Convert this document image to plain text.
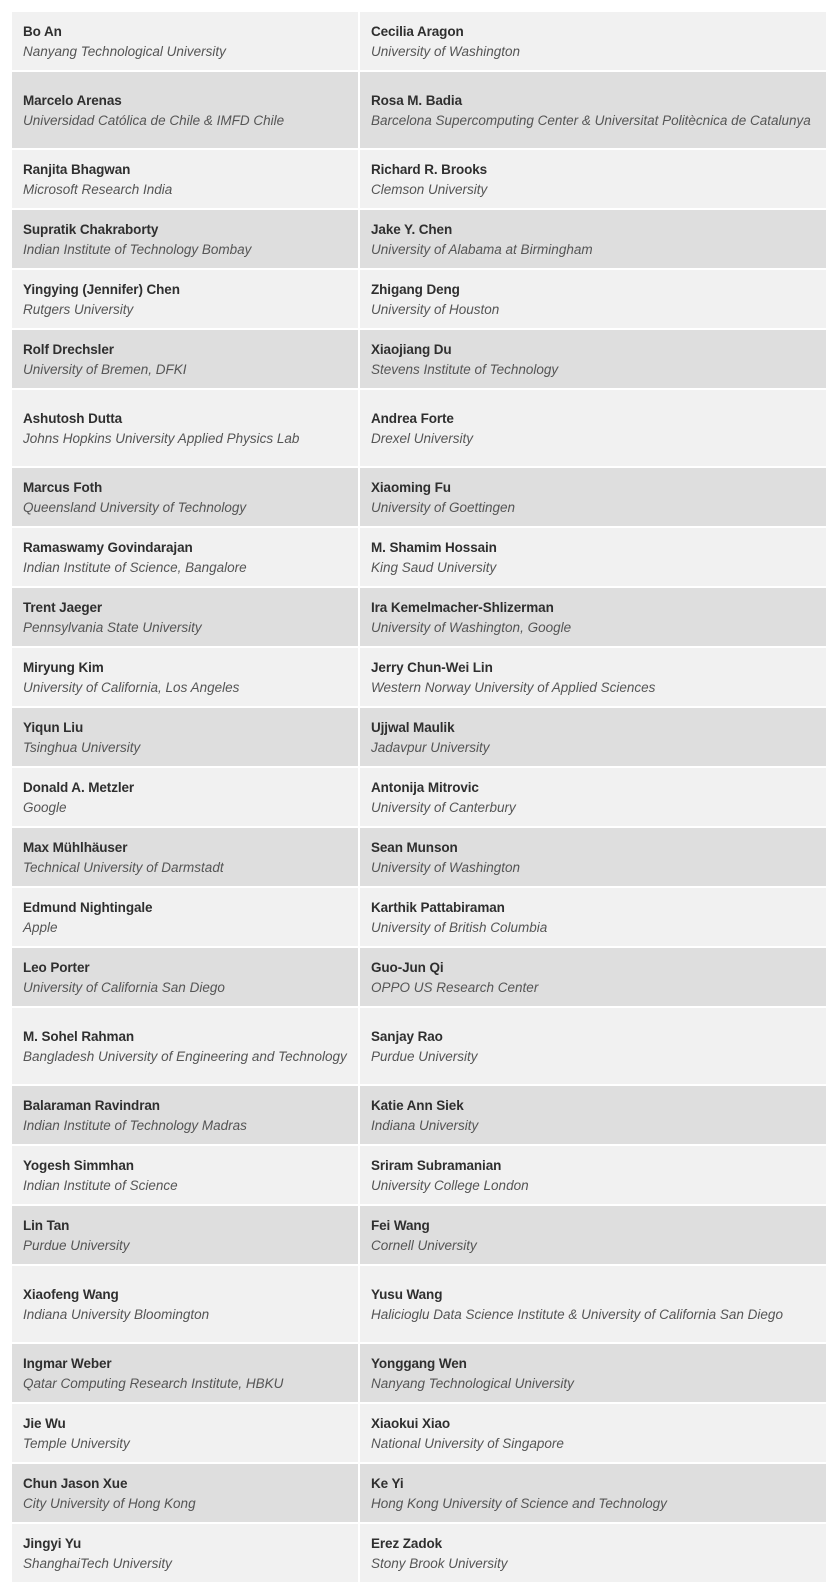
Bo An
Nanyang Technological University
Cecilia Aragon
University of Washington
Marcelo Arenas
Universidad Católica de Chile & IMFD Chile
Rosa M. Badia
Barcelona Supercomputing Center & Universitat Politècnica de Catalunya
Ranjita Bhagwan
Microsoft Research India
Richard R. Brooks
Clemson University
Supratik Chakraborty
Indian Institute of Technology Bombay
Jake Y. Chen
University of Alabama at Birmingham
Yingying (Jennifer) Chen
Rutgers University
Zhigang Deng
University of Houston
Rolf Drechsler
University of Bremen, DFKI
Xiaojiang Du
Stevens Institute of Technology
Ashutosh Dutta
Johns Hopkins University Applied Physics Lab
Andrea Forte
Drexel University
Marcus Foth
Queensland University of Technology
Xiaoming Fu
University of Goettingen
Ramaswamy Govindarajan
Indian Institute of Science, Bangalore
M. Shamim Hossain
King Saud University
Trent Jaeger
Pennsylvania State University
Ira Kemelmacher-Shlizerman
University of Washington, Google
Miryung Kim
University of California, Los Angeles
Jerry Chun-Wei Lin
Western Norway University of Applied Sciences
Yiqun Liu
Tsinghua University
Ujjwal Maulik
Jadavpur University
Donald A. Metzler
Google
Antonija Mitrovic
University of Canterbury
Max Mühlhäuser
Technical University of Darmstadt
Sean Munson
University of Washington
Edmund Nightingale
Apple
Karthik Pattabiraman
University of British Columbia
Leo Porter
University of California San Diego
Guo-Jun Qi
OPPO US Research Center
M. Sohel Rahman
Bangladesh University of Engineering and Technology
Sanjay Rao
Purdue University
Balaraman Ravindran
Indian Institute of Technology Madras
Katie Ann Siek
Indiana University
Yogesh Simmhan
Indian Institute of Science
Sriram Subramanian
University College London
Lin Tan
Purdue University
Fei Wang
Cornell University
Xiaofeng Wang
Indiana University Bloomington
Yusu Wang
Halicioglu Data Science Institute & University of California San Diego
Ingmar Weber
Qatar Computing Research Institute, HBKU
Yonggang Wen
Nanyang Technological University
Jie Wu
Temple University
Xiaokui Xiao
National University of Singapore
Chun Jason Xue
City University of Hong Kong
Ke Yi
Hong Kong University of Science and Technology
Jingyi Yu
ShanghaiTech University
Erez Zadok
Stony Brook University
